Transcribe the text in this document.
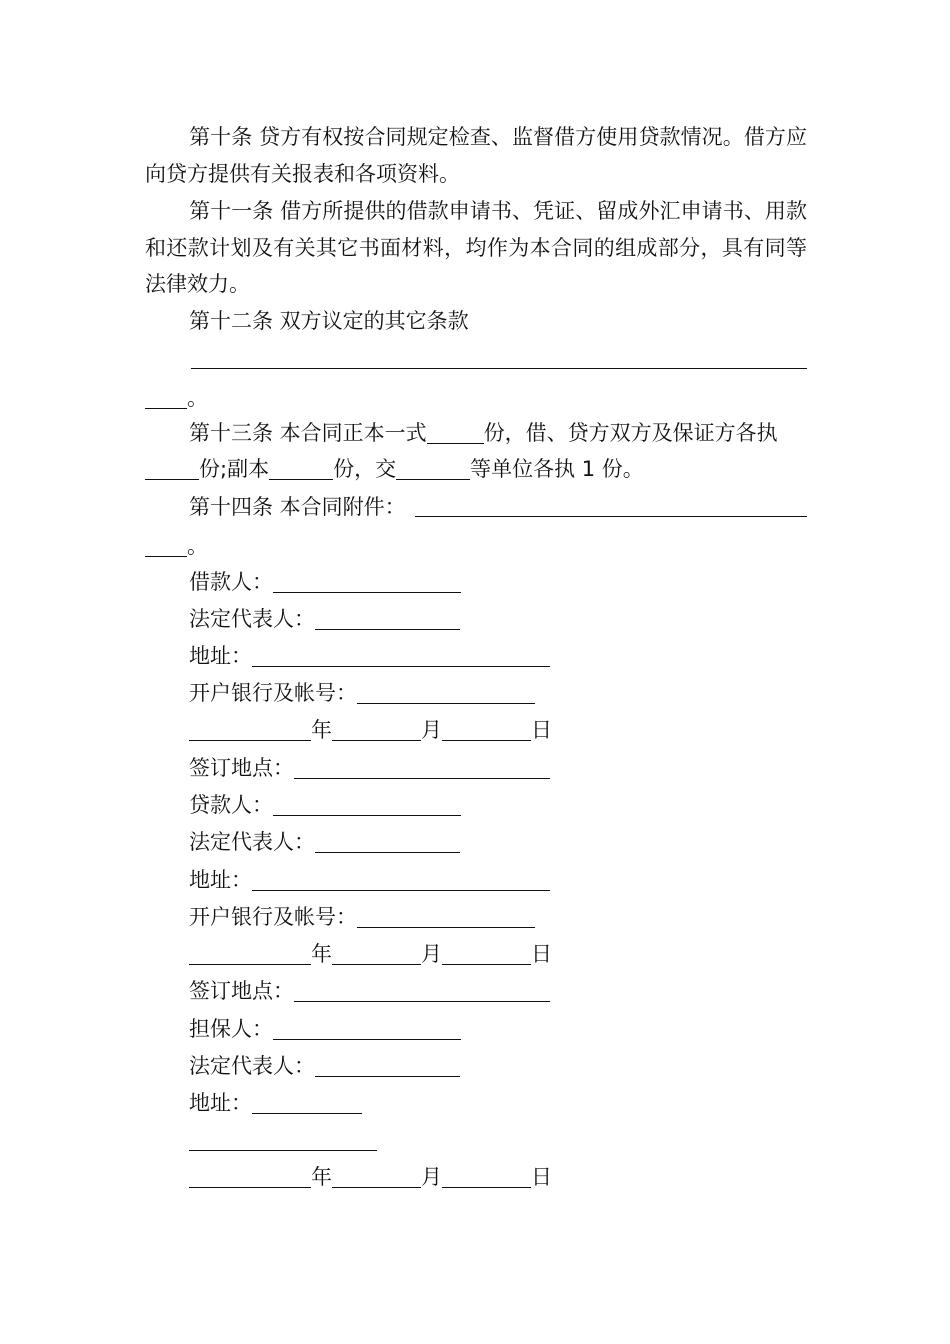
第十条 贷方有权按合同规定检查、监督借方使用贷款情况。借方应向贷方提供有关报表和各项资料。

第十一条 借方所提供的借款申请书、凭证、留成外汇申请书、用款和还款计划及有关其它书面材料，均作为本合同的组成部分，具有同等法律效力。

第十二条 双方议定的其它条款

。

第十三条 本合同正本一式	份，借、贷方双方及保证方各执

份;副本	份，交	等单位各执 1 份。

第十四条 本合同附件：

。

借款人：

法定代表人：

地址：

开户银行及帐号：

年	月	日

签订地点：

贷款人：

法定代表人：

地址：

开户银行及帐号：

年	月	日

签订地点：

担保人：

法定代表人：

地址：

年	月	日
